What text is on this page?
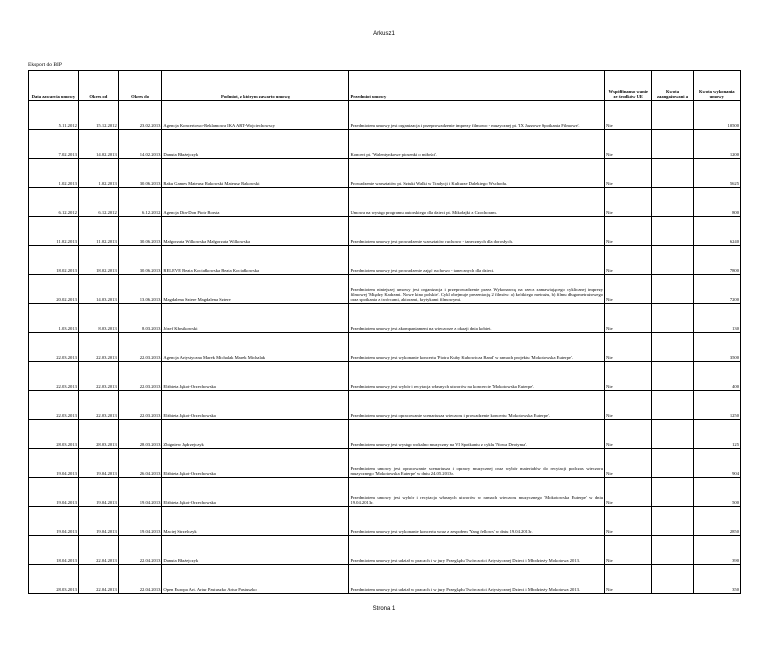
Arkusz1
Eksport do BIP
Data zawarcia umowy	Okres od	Okres do	Podmiot, z którym zawarto umowę	Przedmiot umowy	Współfinanso wanie ze środków UE	Kwota zaangażowani a	Kwota wykonania umowy
5.11.2012	15.12.2012	23.02.2013	Agencja Koncertowo-Reklamowa IKA ART-Wojciechowscy	Przedmiotem umowy jest organizacja i przeprowadzenie imprezy filmowo - muzycznej pt. 'IX Jazzowe Spotkania Filmowe'.	Nie		10500
7.02.2013	14.02.2013	14.02.2013	Danuta Błażejczyk	Koncert pt. 'Walentynkowe piosenki o miłości'.	Nie		1200
1.02.2013	1.02.2013	30.06.2013	Raku Games Mateusz Rakowski Mateusz Rakowski	Prowadzenie warsztatów pt. Sztuki Walki w Tradycji i Kulturze Dalekiego Wschodu.	Nie		5625
6.12.2012	6.12.2012	6.12.2012	Agencja Din-Don Piotr Borsta	Umowa na występ programu autorskiego dla dzieci pt. Mikołajki z Czochoram.	Nie		800
11.02.2013	11.02.2013	30.06.2013	Małgorzata Wilkowska Małgorzata Wilkowska	Przedmiotem umowy jest prowadzenie warsztatów ruchowo - tanecznych dla dorosłych.	Nie		6240
18.02.2013	18.02.2013	30.06.2013	RELEVE Beata Kociałkowska Beata Kociałkowska	Przedmiotem umowy jest prowadzenie zajęć ruchowo - tanecznych dla dzieci.	Nie		7800
20.02.2013	14.03.2013	13.06.2013	Magdalena Sztere Magdalena Sztere	Przedmiotem niniejszej umowy jest organizacja i przeprowadzenie przez Wykonawcę na rzecz zamawiającego cyklicznej imprezy filmowej 'Między Kadrami. Nowe kino polskie'. Cykl obejmuje prezentację 2 filmów: a) krótkiego metrażu, b) filmu długometrażowego oraz spotkania z twórcami, aktorami, krytykami filmowymi.	Nie		7200
1.03.2013	8.03.2013	8.03.2013	Józef Kłosikowski	Przedmiotem umowy jest akompaniament na wieczorze z okazji dnia kobiet.	Nie		130
22.03.2013	22.03.2013	22.03.2013	Agencja Artystyczna Marek Michalak Marek Michalak	Przedmiotem umowy jest wykonanie koncertu 'Piotra Kuby Kubowicza Band' w ramach projektu 'Mokotowska Euterpe'.	Nie		3500
22.03.2013	22.03.2013	22.03.2013	Elżbieta Jękot-Orzechowska	Przedmiotem umowy jest wybór i recytacja własnych utworów na koncercie 'Mokotowska Euterpe'.	Nie		400
22.03.2013	22.03.2013	22.03.2013	Elżbieta Jękot-Orzechowska	Przedmiotem umowy jest opracowanie scenariusza wieczoru i prowadzenie koncertu 'Mokotowska Euterpe'.	Nie		1250
28.03.2013	28.03.2013	28.03.2013	Zbigniew Jędrzejczyk	Przedmiotem umowy jest występ wokalno muzyczny na VI Spotkaniu z cyklu 'Nowa Deotyma'.	Nie		125
19.04.2013	19.04.2013	26.04.2013	Elżbieta Jękot-Orzechowska	Przedmiotem umowy jest opracowanie scenariusza i oprawy muzycznej oraz wybór materiałów do recytacji podczas wieczoru muzycznego 'Mokotowska Euterpe' w dniu 24.05.2013r.	Nie		904
19.04.2013	19.04.2013	19.04.2013	Elżbieta Jękot-Orzechowska	Przedmiotem umowy jest wybór i recytacja własnych utworów w ramach wieczoru muzycznego 'Mokotowska Euterpe' w dniu 19.04.2013r.	Nie		500
19.04.2013	19.04.2013	19.04.2013	Maciej Strzelczyk	Przedmiotem umowy jest wykonanie koncertu wraz z zespołem 'Yang fellows' w dniu 19.04.2013r.	Nie		2850
18.04.2013	22.04.2013	22.04.2013	Danuta Błażejczyk	Przedmiotem umowy jest udział w pracach i w jury Przeglądu Twórczości Artystycznej Dzieci i Młodzieży Mokotowa 2013.	Nie		390
28.03.2013	22.04.2013	22.04.2013	Open Europa Art. Artur Pastuszko Artur Pastuszko	Przedmiotem umowy jest udział w pracach i w jury Przeglądu Twórczości Artystycznej Dzieci i Młodzieży Mokotowa 2013.	Nie		350
Strona 1
